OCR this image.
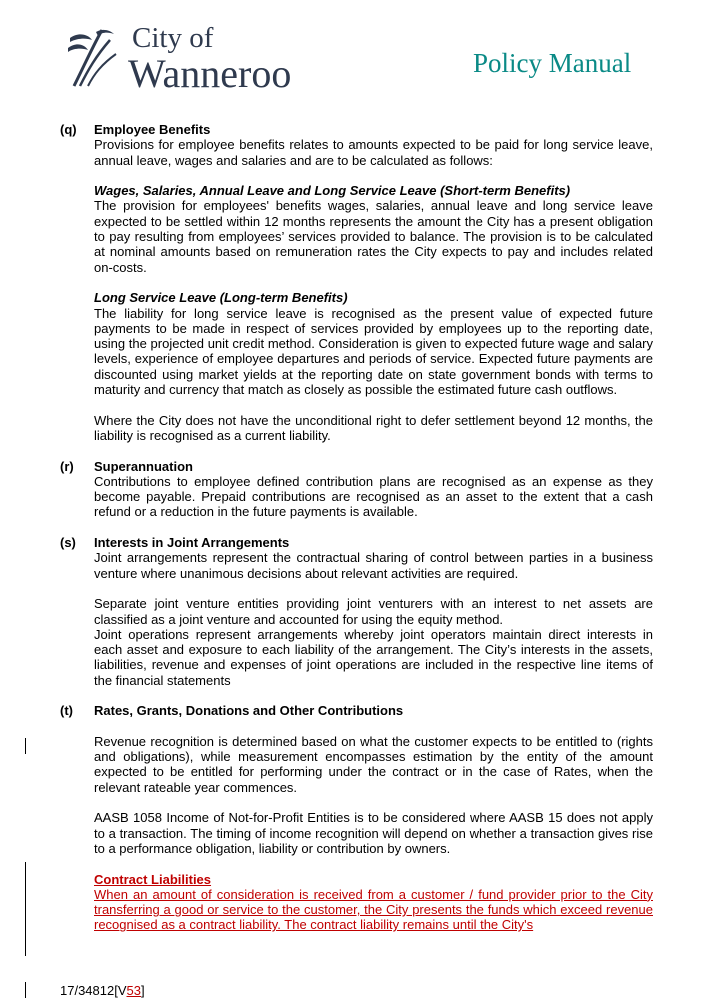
City of
Wanneroo	Policy Manual
(q)	Employee Benefits

Provisions for employee benefits relates to amounts expected to be paid for long service leave, annual leave, wages and salaries and are to be calculated as follows:

Wages, Salaries, Annual Leave and Long Service Leave (Short-term Benefits)

The provision for employees' benefits wages, salaries, annual leave and long service leave expected to be settled within 12 months represents the amount the City has a present obligation to pay resulting from employees’ services provided to balance. The provision is to be calculated at nominal amounts based on remuneration rates the City expects to pay and includes related on-costs.

Long Service Leave (Long-term Benefits)

The liability for long service leave is recognised as the present value of expected future payments to be made in respect of services provided by employees up to the reporting date, using the projected unit credit method. Consideration is given to expected future wage and salary levels, experience of employee departures and periods of service. Expected future payments are discounted using market yields at the reporting date on state government bonds with terms to maturity and currency that match as closely as possible the estimated future cash outflows.

Where the City does not have the unconditional right to defer settlement beyond 12 months, the liability is recognised as a current liability.

(r)	Superannuation

Contributions to employee defined contribution plans are recognised as an expense as they become payable. Prepaid contributions are recognised as an asset to the extent that a cash refund or a reduction in the future payments is available.

(s)	Interests in Joint Arrangements

Joint arrangements represent the contractual sharing of control between parties in a business venture where unanimous decisions about relevant activities are required.

Separate joint venture entities providing joint venturers with an interest to net assets are classified as a joint venture and accounted for using the equity method.

Joint operations represent arrangements whereby joint operators maintain direct interests in each asset and exposure to each liability of the arrangement. The City’s interests in the assets, liabilities, revenue and expenses of joint operations are included in the respective line items of the financial statements

(t)	Rates, Grants, Donations and Other Contributions

Revenue recognition is determined based on what the customer expects to be entitled to (rights and obligations), while measurement encompasses estimation by the entity of the amount expected to be entitled for performing under the contract or in the case of Rates, when the relevant rateable year commences.

AASB 1058 Income of Not-for-Profit Entities is to be considered where AASB 15 does not apply to a transaction. The timing of income recognition will depend on whether a transaction gives rise to a performance obligation, liability or contribution by owners.

Contract Liabilities

When an amount of consideration is received from a customer / fund provider prior to the City transferring a good or service to the customer, the City presents the funds which exceed revenue recognised as a contract liability. The contract liability remains until the City's

17/34812[V53]
